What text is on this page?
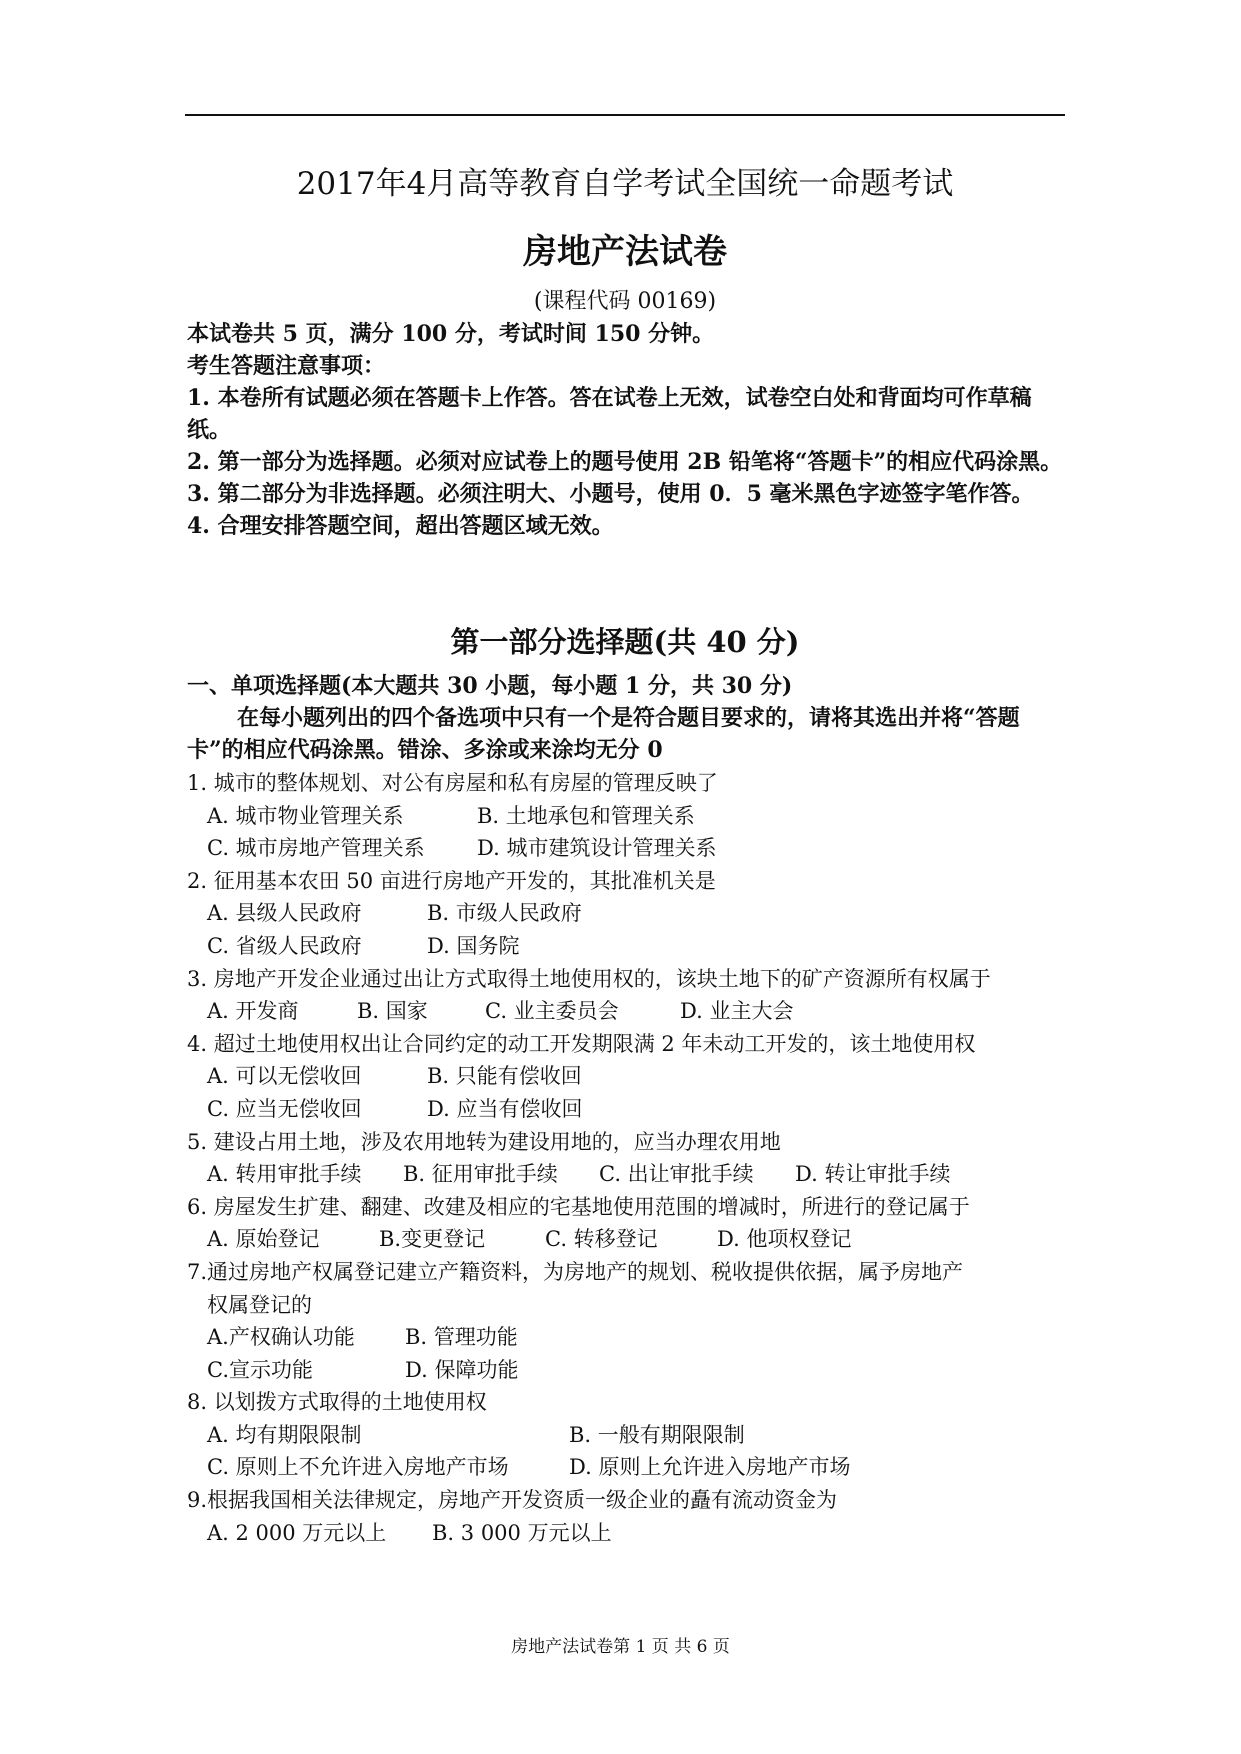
2017年4月高等教育自学考试全国统一命题考试
房地产法试卷
(课程代码 00169)

本试卷共 5 页，满分 100 分，考试时间 150 分钟。

考生答题注意事项：

1. 本卷所有试题必须在答题卡上作答。答在试卷上无效，试卷空白处和背面均可作草稿纸。

2. 第一部分为选择题。必须对应试卷上的题号使用 2B 铅笔将“答题卡”的相应代码涂黑。

3. 第二部分为非选择题。必须注明大、小题号，使用 0．5 毫米黑色字迹签字笔作答。

4. 合理安排答题空间，超出答题区域无效。

第一部分选择题(共 40 分)

一、单项选择题(本大题共 30 小题，每小题 1 分，共 30 分)

在每小题列出的四个备选项中只有一个是符合题目要求的，请将其选出并将“答题卡”的相应代码涂黑。错涂、多涂或来涂均无分 0

1. 城市的整体规划、对公有房屋和私有房屋的管理反映了

A. 城市物业管理关系	B. 土地承包和管理关系
C. 城市房地产管理关系	D. 城市建筑设计管理关系

2. 征用基本农田 50 亩进行房地产开发的，其批准机关是

A. 县级人民政府	B. 市级人民政府
C. 省级人民政府	D. 国务院

3. 房地产开发企业通过出让方式取得土地使用权的，该块土地下的矿产资源所有权属于

A. 开发商	B. 国家	C. 业主委员会	D. 业主大会

4. 超过土地使用权出让合同约定的动工开发期限满 2 年未动工开发的，该土地使用权

A. 可以无偿收回	B. 只能有偿收回
C. 应当无偿收回	D. 应当有偿收回

5. 建设占用土地，涉及农用地转为建设用地的，应当办理农用地

A. 转用审批手续	B. 征用审批手续	C. 出让审批手续	D. 转让审批手续

6. 房屋发生扩建、翻建、改建及相应的宅基地使用范围的增减时，所进行的登记属于

A. 原始登记	B.变更登记	C. 转移登记	D. 他项权登记

7.通过房地产权属登记建立产籍资料，为房地产的规划、税收提供依据，属予房地产

权属登记的

A.产权确认功能	B. 管理功能
C.宣示功能	D. 保障功能

8. 以划拨方式取得的土地使用权

A. 均有期限限制	B. 一般有期限限制
C. 原则上不允许进入房地产市场	D. 原则上允许进入房地产市场

9.根据我国相关法律规定，房地产开发资质一级企业的矗有流动资金为

A. 2 000 万元以上	B. 3 000 万元以上
房地产法试卷第 1 页 共 6 页
